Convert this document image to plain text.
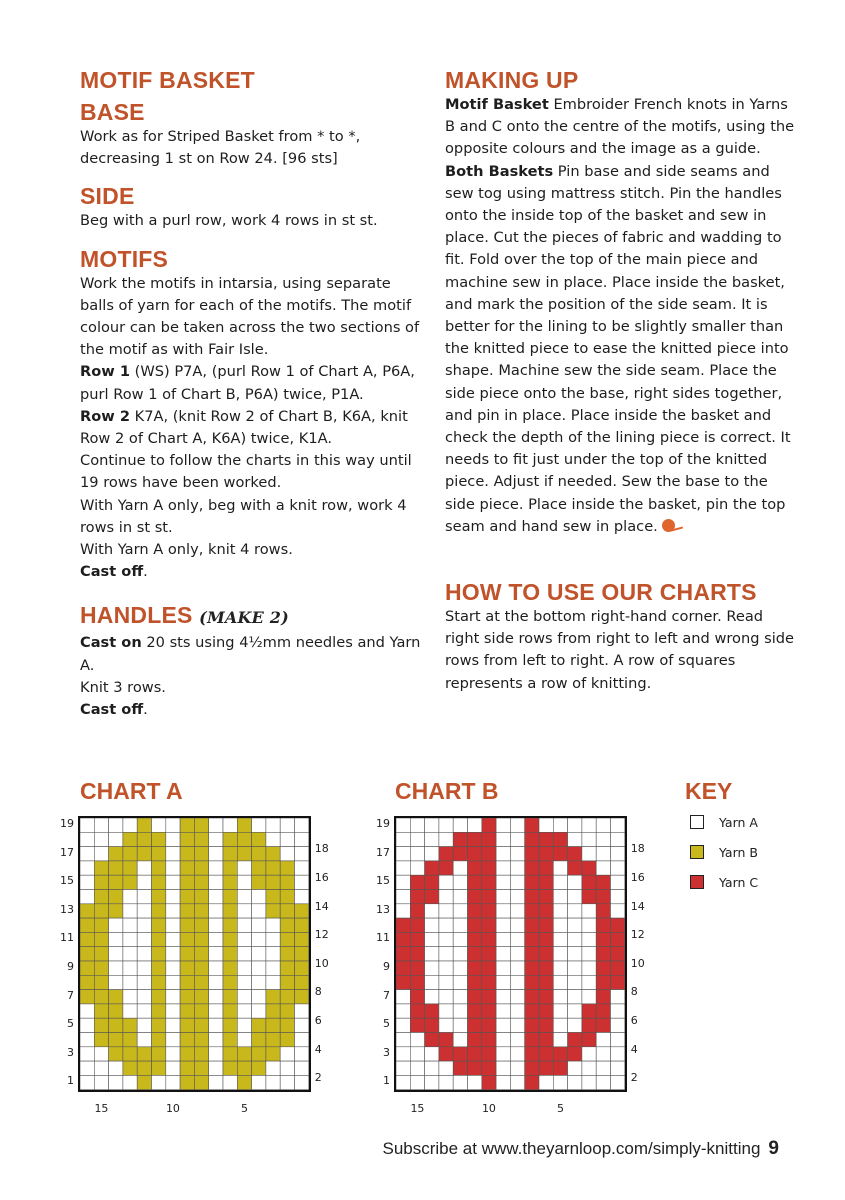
MOTIF BASKET
BASE

Work as for Striped Basket from * to *, decreasing 1 st on Row 24. [96 sts]

SIDE

Beg with a purl row, work 4 rows in st st.

MOTIFS

Work the motifs in intarsia, using separate balls of yarn for each of the motifs. The motif colour can be taken across the two sections of the motif as with Fair Isle.

Row 1 (WS) P7A, (purl Row 1 of Chart A, P6A, purl Row 1 of Chart B, P6A) twice, P1A.

Row 2 K7A, (knit Row 2 of Chart B, K6A, knit Row 2 of Chart A, K6A) twice, K1A.

Continue to follow the charts in this way until 19 rows have been worked.

With Yarn A only, beg with a knit row, work 4 rows in st st.

With Yarn A only, knit 4 rows.

Cast off.

HANDLES (MAKE 2)

Cast on 20 sts using 4½mm needles and Yarn A.

Knit 3 rows.

Cast off.

MAKING UP

Motif Basket Embroider French knots in Yarns B and C onto the centre of the motifs, using the opposite colours and the image as a guide.

Both Baskets Pin base and side seams and sew tog using mattress stitch. Pin the handles onto the inside top of the basket and sew in place. Cut the pieces of fabric and wadding to fit. Fold over the top of the main piece and machine sew in place. Place inside the basket, and mark the position of the side seam. It is better for the lining to be slightly smaller than the knitted piece to ease the knitted piece into shape. Machine sew the side seam. Place the side piece onto the base, right sides together, and pin in place. Place inside the basket and check the depth of the lining piece is correct. It needs to fit just under the top of the knitted piece. Adjust if needed. Sew the base to the side piece. Place inside the basket, pin the top seam and hand sew in place.

HOW TO USE OUR CHARTS

Start at the bottom right-hand corner. Read right side rows from right to left and wrong side rows from left to right. A row of squares represents a row of knitting.

CHART A	CHART B	KEY
19
17
15
13
11
9
7
5
3
1
18
16
14
12
10
8
6
4
2
15	10	5
19
17
15
13
11
9
7
5
3
1
18
16
14
12
10
8
6
4
2
15	10	5
Yarn A
Yarn B
Yarn C
Subscribe at www.theyarnloop.com/simply-knitting 9
